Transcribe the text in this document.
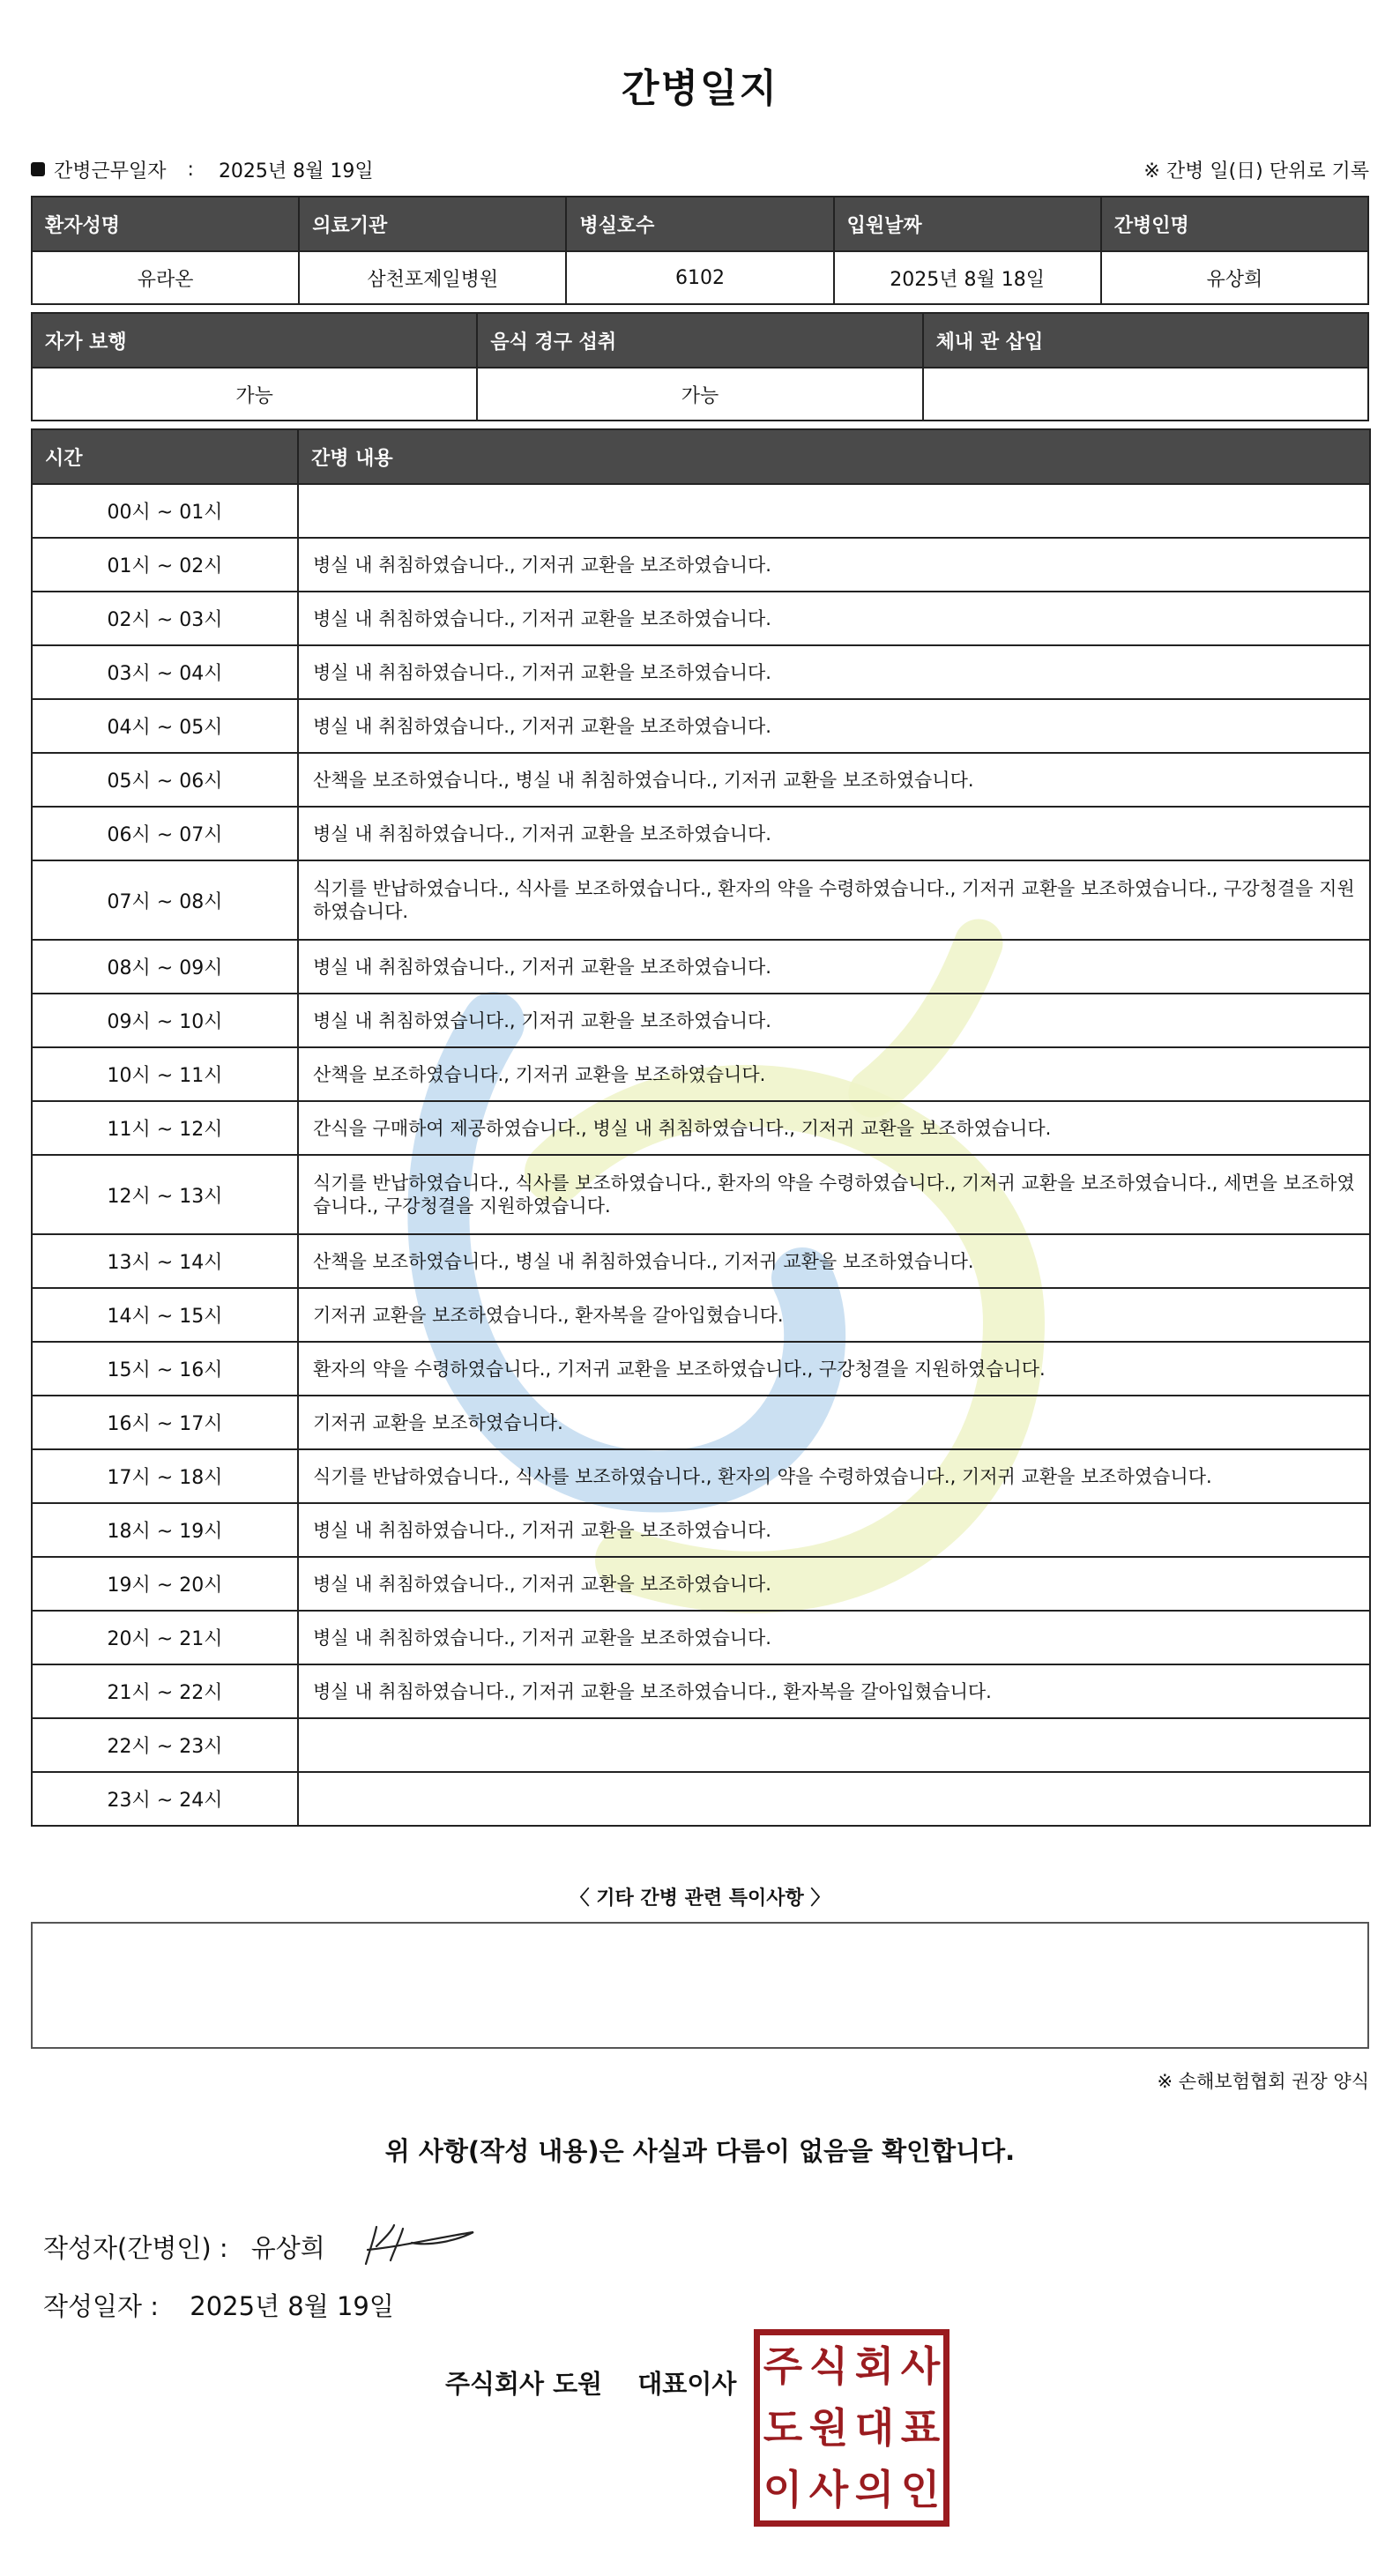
간병일지
간병근무일자 : 2025년 8월 19일	※ 간병 일(日) 단위로 기록
환자성명	의료기관	병실호수	입원날짜	간병인명
유라온	삼천포제일병원	6102	2025년 8월 18일	유상희
자가 보행	음식 경구 섭취	체내 관 삽입
가능	가능	
시간	간병 내용
00시 ~ 01시	
01시 ~ 02시	병실 내 취침하였습니다., 기저귀 교환을 보조하였습니다.
02시 ~ 03시	병실 내 취침하였습니다., 기저귀 교환을 보조하였습니다.
03시 ~ 04시	병실 내 취침하였습니다., 기저귀 교환을 보조하였습니다.
04시 ~ 05시	병실 내 취침하였습니다., 기저귀 교환을 보조하였습니다.
05시 ~ 06시	산책을 보조하였습니다., 병실 내 취침하였습니다., 기저귀 교환을 보조하였습니다.
06시 ~ 07시	병실 내 취침하였습니다., 기저귀 교환을 보조하였습니다.
07시 ~ 08시	식기를 반납하였습니다., 식사를 보조하였습니다., 환자의 약을 수령하였습니다., 기저귀 교환을 보조하였습니다., 구강청결을 지원하였습니다.
08시 ~ 09시	병실 내 취침하였습니다., 기저귀 교환을 보조하였습니다.
09시 ~ 10시	병실 내 취침하였습니다., 기저귀 교환을 보조하였습니다.
10시 ~ 11시	산책을 보조하였습니다., 기저귀 교환을 보조하였습니다.
11시 ~ 12시	간식을 구매하여 제공하였습니다., 병실 내 취침하였습니다., 기저귀 교환을 보조하였습니다.
12시 ~ 13시	식기를 반납하였습니다., 식사를 보조하였습니다., 환자의 약을 수령하였습니다., 기저귀 교환을 보조하였습니다., 세면을 보조하였습니다., 구강청결을 지원하였습니다.
13시 ~ 14시	산책을 보조하였습니다., 병실 내 취침하였습니다., 기저귀 교환을 보조하였습니다.
14시 ~ 15시	기저귀 교환을 보조하였습니다., 환자복을 갈아입혔습니다.
15시 ~ 16시	환자의 약을 수령하였습니다., 기저귀 교환을 보조하였습니다., 구강청결을 지원하였습니다.
16시 ~ 17시	기저귀 교환을 보조하였습니다.
17시 ~ 18시	식기를 반납하였습니다., 식사를 보조하였습니다., 환자의 약을 수령하였습니다., 기저귀 교환을 보조하였습니다.
18시 ~ 19시	병실 내 취침하였습니다., 기저귀 교환을 보조하였습니다.
19시 ~ 20시	병실 내 취침하였습니다., 기저귀 교환을 보조하였습니다.
20시 ~ 21시	병실 내 취침하였습니다., 기저귀 교환을 보조하였습니다.
21시 ~ 22시	병실 내 취침하였습니다., 기저귀 교환을 보조하였습니다., 환자복을 갈아입혔습니다.
22시 ~ 23시	
23시 ~ 24시	
〈 기타 간병 관련 특이사항 〉
※ 손해보험협회 권장 양식
위 사항(작성 내용)은 사실과 다름이 없음을 확인합니다.
작성자(간병인) : 유상희
작성일자 : 2025년 8월 19일
주식회사 도원 대표이사 주 식 회 사
도 원 대 표
이 사 의 인
